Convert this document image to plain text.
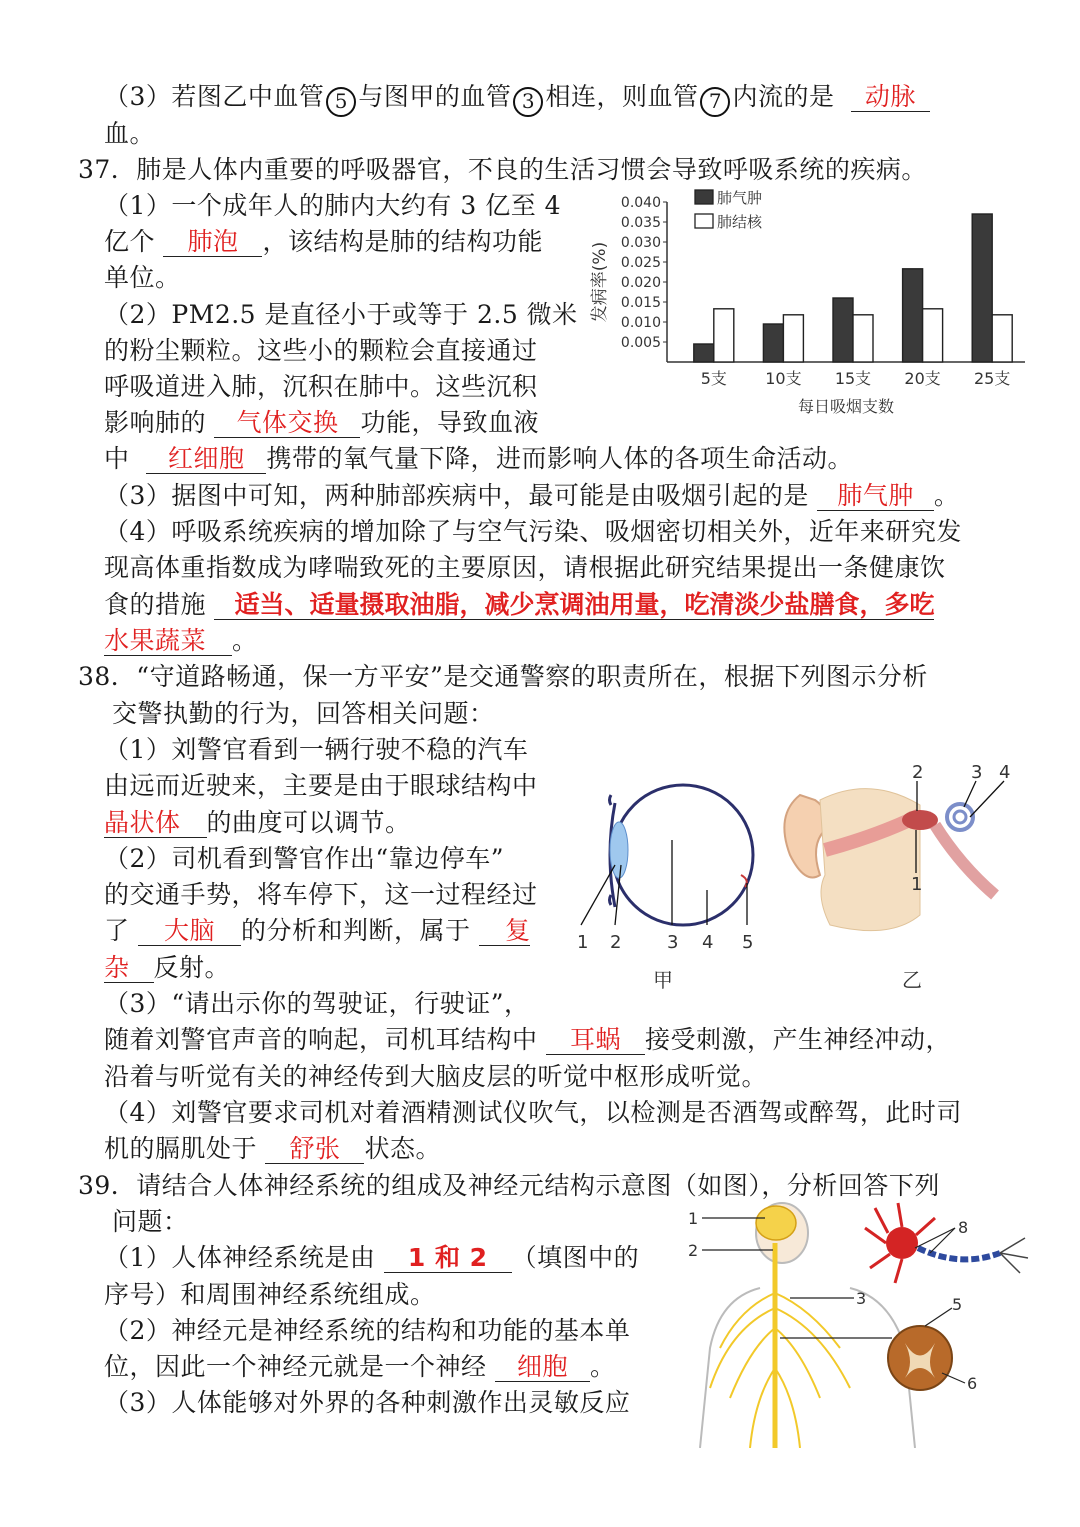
（3）若图乙中血管 5 与图甲的血管 3 相连，则血管 7 内流的是 动脉
血。
37．肺是人体内重要的呼吸器官，不良的生活习惯会导致呼吸系统的疾病。
（1）一个成年人的肺内大约有 3 亿至 4
亿个 肺泡 ，该结构是肺的结构功能
单位。
（2）PM2.5 是直径小于或等于 2.5 微米
的粉尘颗粒。这些小的颗粒会直接通过
呼吸道进入肺，沉积在肺中。这些沉积
影响肺的 气体交换 功能，导致血液
中 红细胞 携带的氧气量下降，进而影响人体的各项生命活动。
（3）据图中可知，两种肺部疾病中，最可能是由吸烟引起的是 肺气肿 。
（4）呼吸系统疾病的增加除了与空气污染、吸烟密切相关外，近年来研究发
现高体重指数成为哮喘致死的主要原因，请根据此研究结果提出一条健康饮
食的措施 适当、适量摄取油脂，减少烹调油用量，吃清淡少盐膳食，多吃
水果蔬菜 。
0.005
0.010
0.015
0.020
0.025
0.030
0.035
0.040
发病率(%)
5支 10支 15支 20支 25支
每日吸烟支数
肺气肿
肺结核
38．“守道路畅通，保一方平安”是交通警察的职责所在，根据下列图示分析
交警执勤的行为，回答相关问题：
（1）刘警官看到一辆行驶不稳的汽车
由远而近驶来，主要是由于眼球结构中
晶状体 的曲度可以调节。
（2）司机看到警官作出“靠边停车”
的交通手势，将车停下，这一过程经过
了 大脑 的分析和判断，属于 复
杂 反射。
（3）“请出示你的驾驶证，行驶证”，
随着刘警官声音的响起，司机耳结构中 耳蜗 接受刺激，产生神经冲动，
沿着与听觉有关的神经传到大脑皮层的听觉中枢形成听觉。
（4）刘警官要求司机对着酒精测试仪吹气，以检测是否酒驾或醉驾，此时司
机的膈肌处于 舒张 状态。
1 2	3 4 5
甲
2	3 4
1
乙
39．请结合人体神经系统的组成及神经元结构示意图（如图），分析回答下列
问题：
（1）人体神经系统是由 1 和 2 （填图中的
序号）和周围神经系统组成。
（2）神经元是神经系统的结构和功能的基本单
位，因此一个神经元就是一个神经 细胞 。
（3）人体能够对外界的各种刺激作出灵敏反应
1
2
3	5
6
8
